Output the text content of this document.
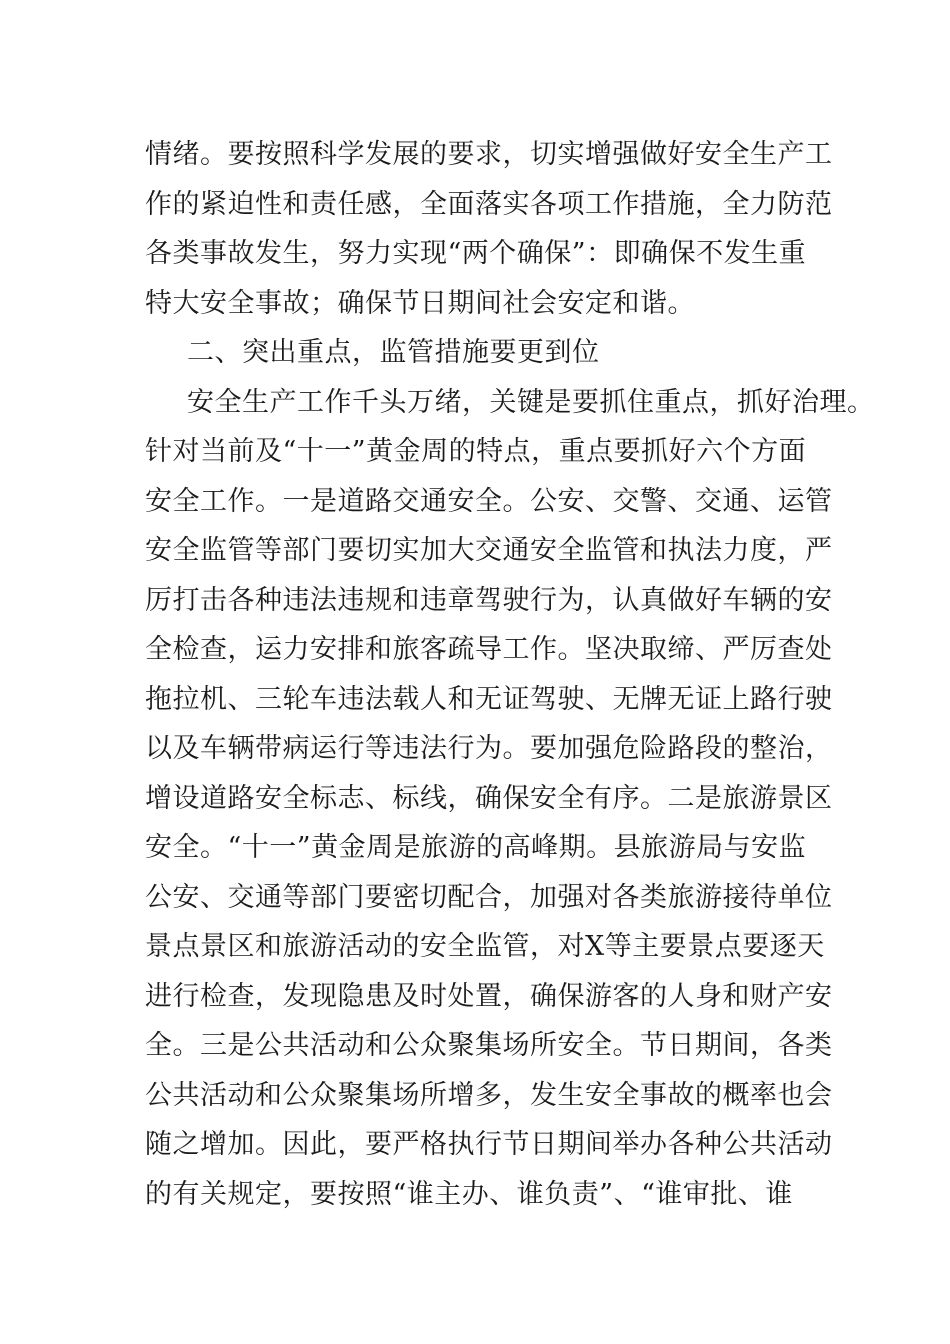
情绪。要按照科学发展的要求，切实增强做好安全生产工
作的紧迫性和责任感，全面落实各项工作措施，全力防范
各类事故发生，努力实现“两个确保”：即确保不发生重
特大安全事故；确保节日期间社会安定和谐。
二、突出重点，监管措施要更到位
安全生产工作千头万绪，关键是要抓住重点，抓好治理。
针对当前及“十一”黄金周的特点，重点要抓好六个方面
安全工作。一是道路交通安全。公安、交警、交通、运管
安全监管等部门要切实加大交通安全监管和执法力度，严
厉打击各种违法违规和违章驾驶行为，认真做好车辆的安
全检查，运力安排和旅客疏导工作。坚决取缔、严厉查处
拖拉机、三轮车违法载人和无证驾驶、无牌无证上路行驶
以及车辆带病运行等违法行为。要加强危险路段的整治，
增设道路安全标志、标线，确保安全有序。二是旅游景区
安全。“十一”黄金周是旅游的高峰期。县旅游局与安监
公安、交通等部门要密切配合，加强对各类旅游接待单位
景点景区和旅游活动的安全监管，对X等主要景点要逐天
进行检查，发现隐患及时处置，确保游客的人身和财产安
全。三是公共活动和公众聚集场所安全。节日期间，各类
公共活动和公众聚集场所增多，发生安全事故的概率也会
随之增加。因此，要严格执行节日期间举办各种公共活动
的有关规定，要按照“谁主办、谁负责”、“谁审批、谁
